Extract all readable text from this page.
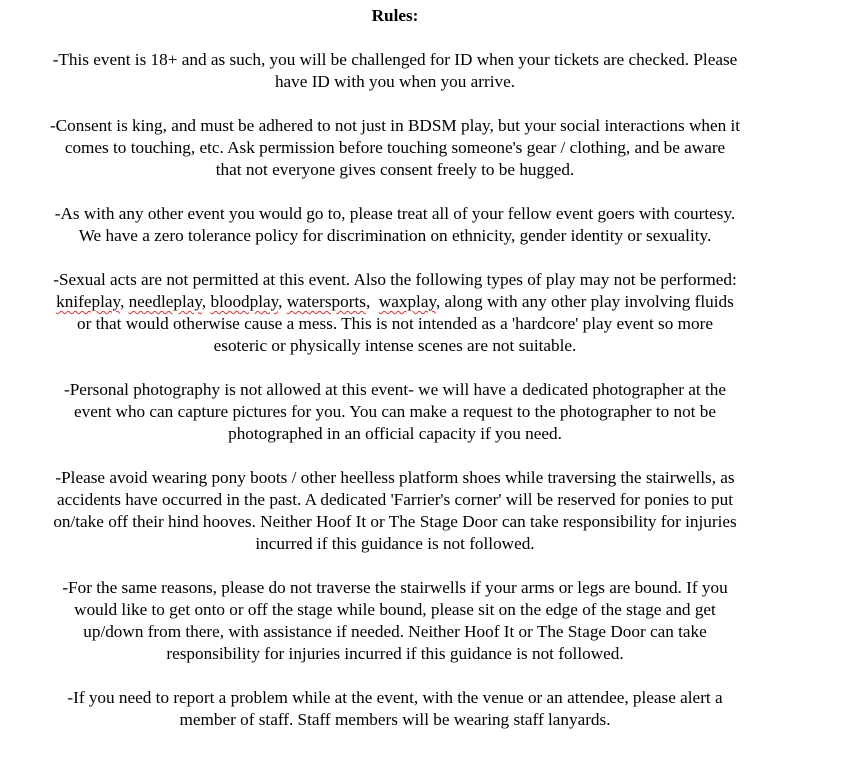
Rules:
-This event is 18+ and as such, you will be challenged for ID when your tickets are checked. Please
have ID with you when you arrive.
-Consent is king, and must be adhered to not just in BDSM play, but your social interactions when it
comes to touching, etc. Ask permission before touching someone's gear / clothing, and be aware
that not everyone gives consent freely to be hugged.
-As with any other event you would go to, please treat all of your fellow event goers with courtesy.
We have a zero tolerance policy for discrimination on ethnicity, gender identity or sexuality.
-Sexual acts are not permitted at this event. Also the following types of play may not be performed:
knifeplay, needleplay, bloodplay, watersports,  waxplay, along with any other play involving fluids
or that would otherwise cause a mess. This is not intended as a 'hardcore' play event so more
esoteric or physically intense scenes are not suitable.
-Personal photography is not allowed at this event- we will have a dedicated photographer at the
event who can capture pictures for you. You can make a request to the photographer to not be
photographed in an official capacity if you need.
-Please avoid wearing pony boots / other heelless platform shoes while traversing the stairwells, as
accidents have occurred in the past. A dedicated 'Farrier's corner' will be reserved for ponies to put
on/take off their hind hooves. Neither Hoof It or The Stage Door can take responsibility for injuries
incurred if this guidance is not followed.
-For the same reasons, please do not traverse the stairwells if your arms or legs are bound. If you
would like to get onto or off the stage while bound, please sit on the edge of the stage and get
up/down from there, with assistance if needed. Neither Hoof It or The Stage Door can take
responsibility for injuries incurred if this guidance is not followed.
-If you need to report a problem while at the event, with the venue or an attendee, please alert a
member of staff. Staff members will be wearing staff lanyards.
